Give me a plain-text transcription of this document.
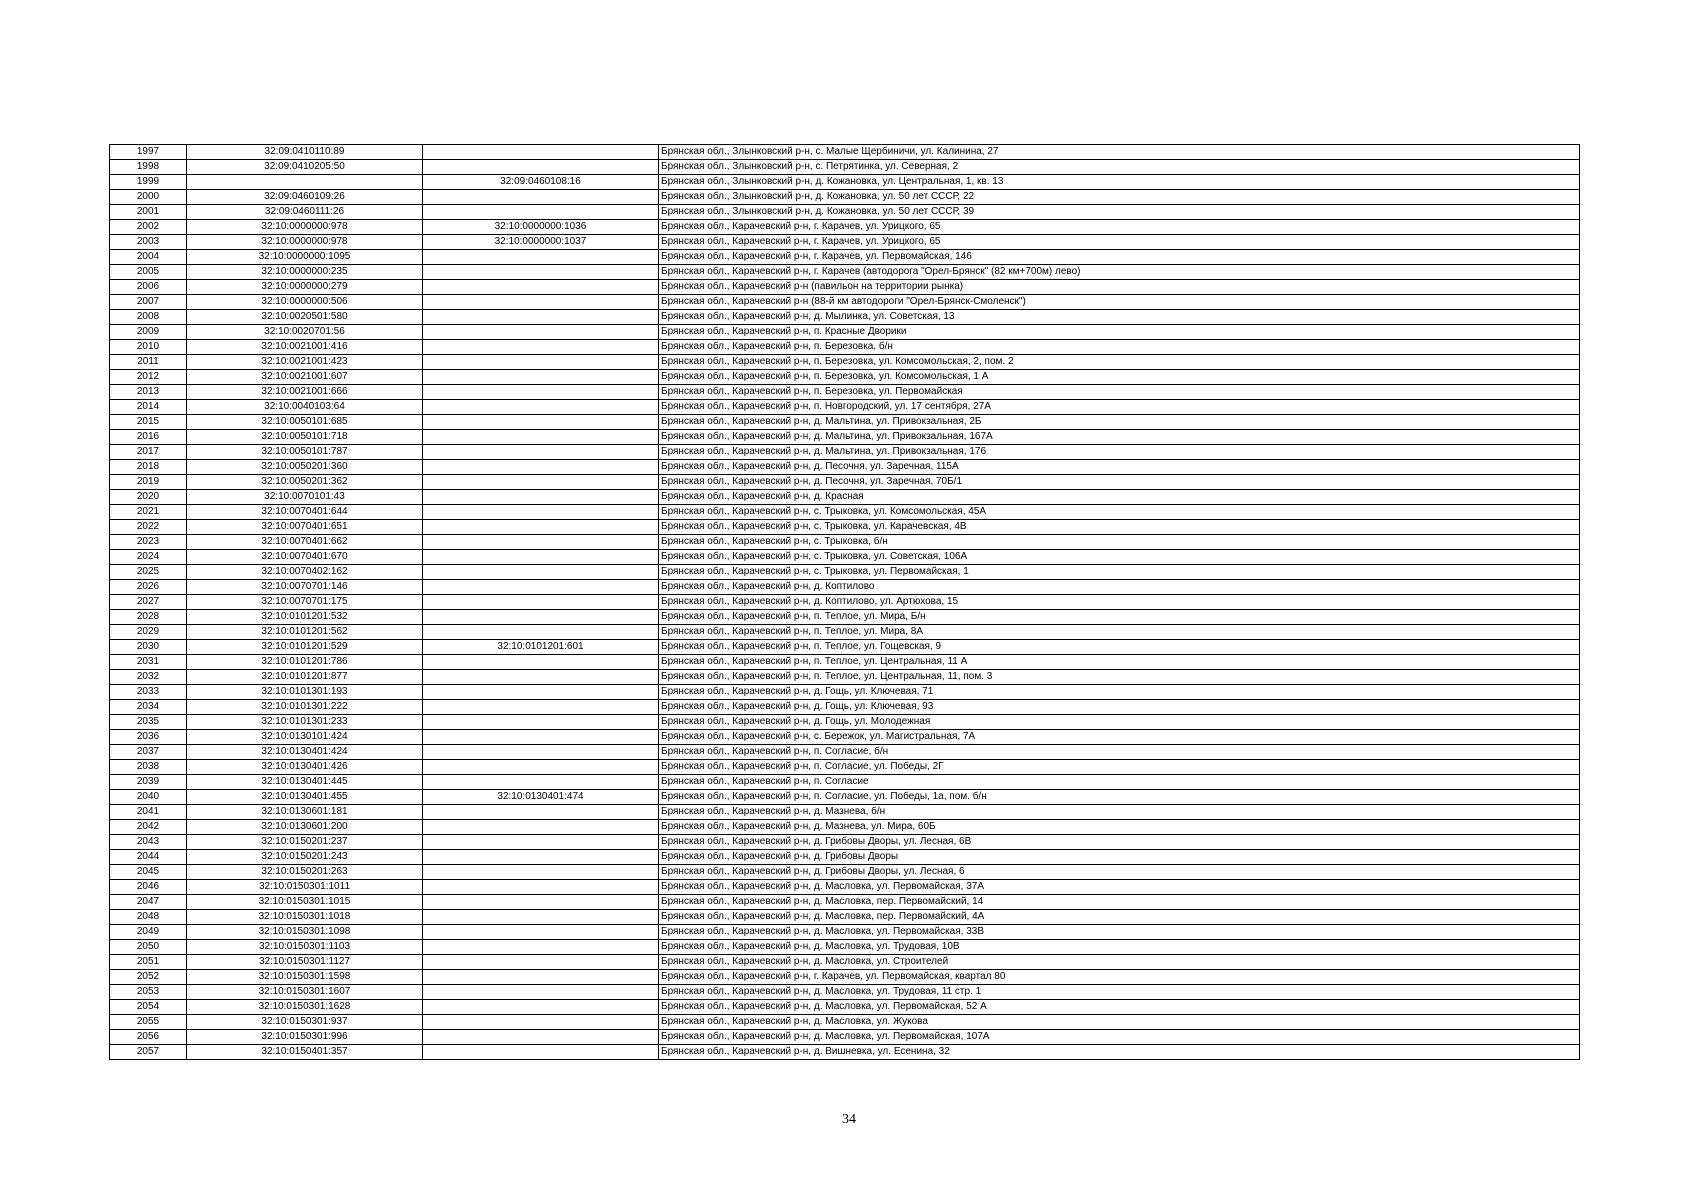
1997	32:09:0410110:89		Брянская обл., Злынковский р-н, с. Малые Щербиничи, ул. Калинина, 27
1998	32:09:0410205:50		Брянская обл., Злынковский р-н, с. Петрятинка, ул. Северная, 2
1999		32:09:0460108:16	Брянская обл., Злынковский р-н, д. Кожановка, ул. Центральная, 1, кв. 13
2000	32:09:0460109:26		Брянская обл., Злынковский р-н, д. Кожановка, ул. 50 лет СССР, 22
2001	32:09:0460111:26		Брянская обл., Злынковский р-н, д. Кожановка, ул. 50 лет СССР, 39
2002	32:10:0000000:978	32:10:0000000:1036	Брянская обл., Карачевский р-н, г. Карачев, ул. Урицкого, 65
2003	32:10:0000000:978	32:10:0000000:1037	Брянская обл., Карачевский р-н, г. Карачев, ул. Урицкого, 65
2004	32:10:0000000:1095		Брянская обл., Карачевский р-н, г. Карачев, ул. Первомайская, 146
2005	32:10:0000000:235		Брянская обл., Карачевский р-н, г. Карачев (автодорога "Орел-Брянск" (82 км+700м) лево)
2006	32:10:0000000:279		Брянская обл., Карачевский р-н (павильон на территории рынка)
2007	32:10:0000000:506		Брянская обл., Карачевский р-н (88-й км автодороги "Орел-Брянск-Смоленск")
2008	32:10:0020501:580		Брянская обл., Карачевский р-н, д. Мылинка, ул. Советская, 13
2009	32:10:0020701:56		Брянская обл., Карачевский р-н, п. Красные Дворики
2010	32:10:0021001:416		Брянская обл., Карачевский р-н, п. Березовка, б/н
2011	32:10:0021001:423		Брянская обл., Карачевский р-н, п. Березовка, ул. Комсомольская, 2, пом. 2
2012	32:10:0021001:607		Брянская обл., Карачевский р-н, п. Березовка, ул. Комсомольская, 1 А
2013	32:10:0021001:666		Брянская обл., Карачевский р-н, п. Березовка, ул. Первомайская
2014	32:10:0040103:64		Брянская обл., Карачевский р-н, п. Новгородский, ул. 17 сентября, 27А
2015	32:10:0050101:685		Брянская обл., Карачевский р-н, д. Мальтина, ул. Привокзальная, 2Б
2016	32:10:0050101:718		Брянская обл., Карачевский р-н, д. Мальтина, ул. Привокзальная, 167А
2017	32:10:0050101:787		Брянская обл., Карачевский р-н, д. Мальтина, ул. Привокзальная, 176
2018	32:10:0050201:360		Брянская обл., Карачевский р-н, д. Песочня, ул. Заречная, 115А
2019	32:10:0050201:362		Брянская обл., Карачевский р-н, д. Песочня, ул. Заречная, 70Б/1
2020	32:10:0070101:43		Брянская обл., Карачевский р-н, д. Красная
2021	32:10:0070401:644		Брянская обл., Карачевский р-н, с. Трыковка, ул. Комсомольская, 45А
2022	32:10:0070401:651		Брянская обл., Карачевский р-н, с. Трыковка, ул. Карачевская, 4В
2023	32:10:0070401:662		Брянская обл., Карачевский р-н, с. Трыковка, б/н
2024	32:10:0070401:670		Брянская обл., Карачевский р-н, с. Трыковка, ул. Советская, 106А
2025	32:10:0070402:162		Брянская обл., Карачевский р-н, с. Трыковка, ул. Первомайская, 1
2026	32:10:0070701:146		Брянская обл., Карачевский р-н, д. Коптилово
2027	32:10:0070701:175		Брянская обл., Карачевский р-н, д. Коптилово, ул. Артюхова, 15
2028	32:10:0101201:532		Брянская обл., Карачевский р-н, п. Теплое, ул. Мира, Б/н
2029	32:10:0101201:562		Брянская обл., Карачевский р-н, п. Теплое, ул. Мира, 8А
2030	32:10:0101201:529	32:10:0101201:601	Брянская обл., Карачевский р-н, п. Теплое, ул. Гощевская, 9
2031	32:10:0101201:786		Брянская обл., Карачевский р-н, п. Теплое, ул. Центральная, 11 А
2032	32:10:0101201:877		Брянская обл., Карачевский р-н, п. Теплое, ул. Центральная, 11, пом. 3
2033	32:10:0101301:193		Брянская обл., Карачевский р-н, д. Гощь, ул. Ключевая, 71
2034	32:10:0101301:222		Брянская обл., Карачевский р-н, д. Гощь, ул. Ключевая, 93
2035	32:10:0101301:233		Брянская обл., Карачевский р-н, д. Гощь, ул. Молодежная
2036	32:10:0130101:424		Брянская обл., Карачевский р-н, с. Бережок, ул. Магистральная, 7А
2037	32:10:0130401:424		Брянская обл., Карачевский р-н, п. Согласие, б/н
2038	32:10:0130401:426		Брянская обл., Карачевский р-н, п. Согласие, ул. Победы, 2Г
2039	32:10:0130401:445		Брянская обл., Карачевский р-н, п. Согласие
2040	32:10:0130401:455	32:10:0130401:474	Брянская обл., Карачевский р-н, п. Согласие, ул. Победы, 1а, пом. б/н
2041	32:10:0130601:181		Брянская обл., Карачевский р-н, д. Мазнева, б/н
2042	32:10:0130601:200		Брянская обл., Карачевский р-н, д. Мазнева, ул. Мира, 60Б
2043	32:10:0150201:237		Брянская обл., Карачевский р-н, д. Грибовы Дворы, ул. Лесная, 6В
2044	32:10:0150201:243		Брянская обл., Карачевский р-н, д. Грибовы Дворы
2045	32:10:0150201:263		Брянская обл., Карачевский р-н, д. Грибовы Дворы, ул. Лесная, 6
2046	32:10:0150301:1011		Брянская обл., Карачевский р-н, д. Масловка, ул. Первомайская, 37А
2047	32:10:0150301:1015		Брянская обл., Карачевский р-н, д. Масловка, пер. Первомайский, 14
2048	32:10:0150301:1018		Брянская обл., Карачевский р-н, д. Масловка, пер. Первомайский, 4А
2049	32:10:0150301:1098		Брянская обл., Карачевский р-н, д. Масловка, ул. Первомайская, 33В
2050	32:10:0150301:1103		Брянская обл., Карачевский р-н, д. Масловка, ул. Трудовая, 10В
2051	32:10:0150301:1127		Брянская обл., Карачевский р-н, д. Масловка, ул. Строителей
2052	32:10:0150301:1598		Брянская обл., Карачевский р-н, г. Карачев, ул. Первомайская, квартал 80
2053	32:10:0150301:1607		Брянская обл., Карачевский р-н, д. Масловка, ул. Трудовая, 11 стр. 1
2054	32:10:0150301:1628		Брянская обл., Карачевский р-н, д. Масловка, ул. Первомайская, 52 А
2055	32:10:0150301:937		Брянская обл., Карачевский р-н, д. Масловка, ул. Жукова
2056	32:10:0150301:996		Брянская обл., Карачевский р-н, д. Масловка, ул. Первомайская, 107А
2057	32:10:0150401:357		Брянская обл., Карачевский р-н, д. Вишневка, ул. Есенина, 32
34
